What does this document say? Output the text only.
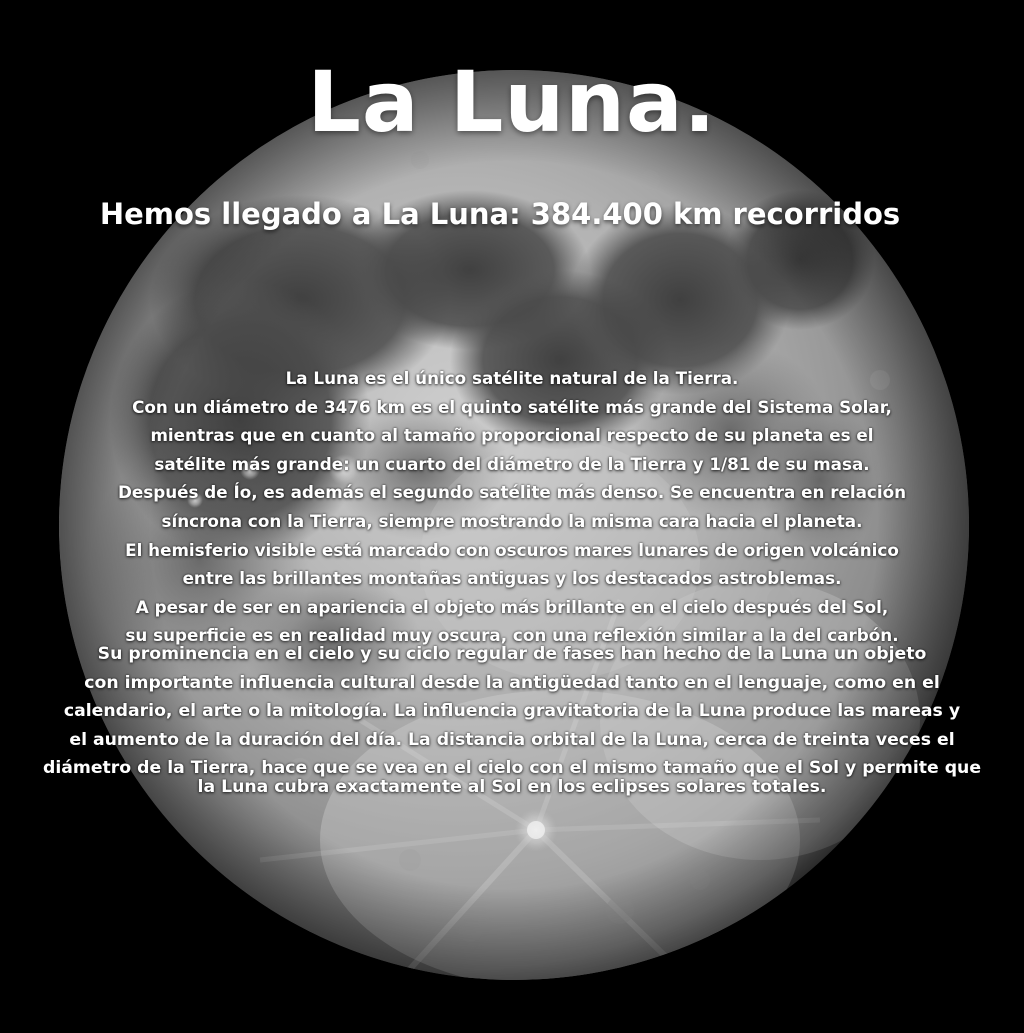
La Luna.
Hemos llegado a La Luna: 384.400 km recorridos
La Luna es el único satélite natural de la Tierra.
Con un diámetro de 3476 km es el quinto satélite más grande del Sistema Solar,
mientras que en cuanto al tamaño proporcional respecto de su planeta es el
satélite más grande: un cuarto del diámetro de la Tierra y 1/81 de su masa.
Después de Ío, es además el segundo satélite más denso. Se encuentra en relación
síncrona con la Tierra, siempre mostrando la misma cara hacia el planeta.
El hemisferio visible está marcado con oscuros mares lunares de origen volcánico
entre las brillantes montañas antiguas y los destacados astroblemas.
A pesar de ser en apariencia el objeto más brillante en el cielo después del Sol,
su superficie es en realidad muy oscura, con una reflexión similar a la del carbón.
Su prominencia en el cielo y su ciclo regular de fases han hecho de la Luna un objeto
con importante influencia cultural desde la antigüedad tanto en el lenguaje, como en el
calendario, el arte o la mitología. La influencia gravitatoria de la Luna produce las mareas y
el aumento de la duración del día. La distancia orbital de la Luna, cerca de treinta veces el
diámetro de la Tierra, hace que se vea en el cielo con el mismo tamaño que el Sol y permite que
la Luna cubra exactamente al Sol en los eclipses solares totales.
